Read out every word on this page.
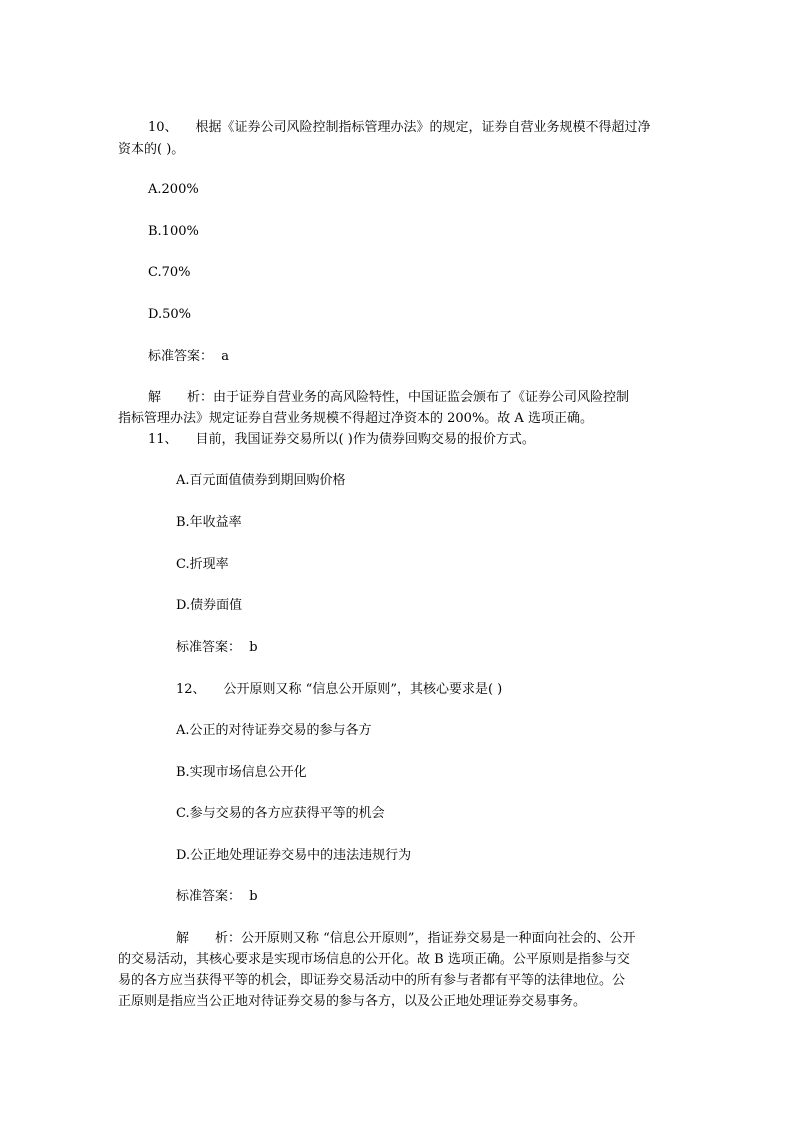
10、 根据《证券公司风险控制指标管理办法》的规定，证券自营业务规模不得超过净
资本的( )。
A.200%
B.100%
C.70%
D.50%
标准答案： a
解　　析：由于证券自营业务的高风险特性，中国证监会颁布了《证券公司风险控制
指标管理办法》规定证券自营业务规模不得超过净资本的 200%。故 A 选项正确。
11、 目前，我国证券交易所以( )作为债券回购交易的报价方式。
A.百元面值债券到期回购价格
B.年收益率
C.折现率
D.债券面值
标准答案： b
12、 公开原则又称 “信息公开原则”，其核心要求是( )
A.公正的对待证券交易的参与各方
B.实现市场信息公开化
C.参与交易的各方应获得平等的机会
D.公正地处理证券交易中的违法违规行为
标准答案： b
解　　析：公开原则又称 “信息公开原则”，指证券交易是一种面向社会的、公开
的交易活动，其核心要求是实现市场信息的公开化。故 B 选项正确。公平原则是指参与交
易的各方应当获得平等的机会，即证券交易活动中的所有参与者都有平等的法律地位。公
正原则是指应当公正地对待证券交易的参与各方，以及公正地处理证券交易事务。
